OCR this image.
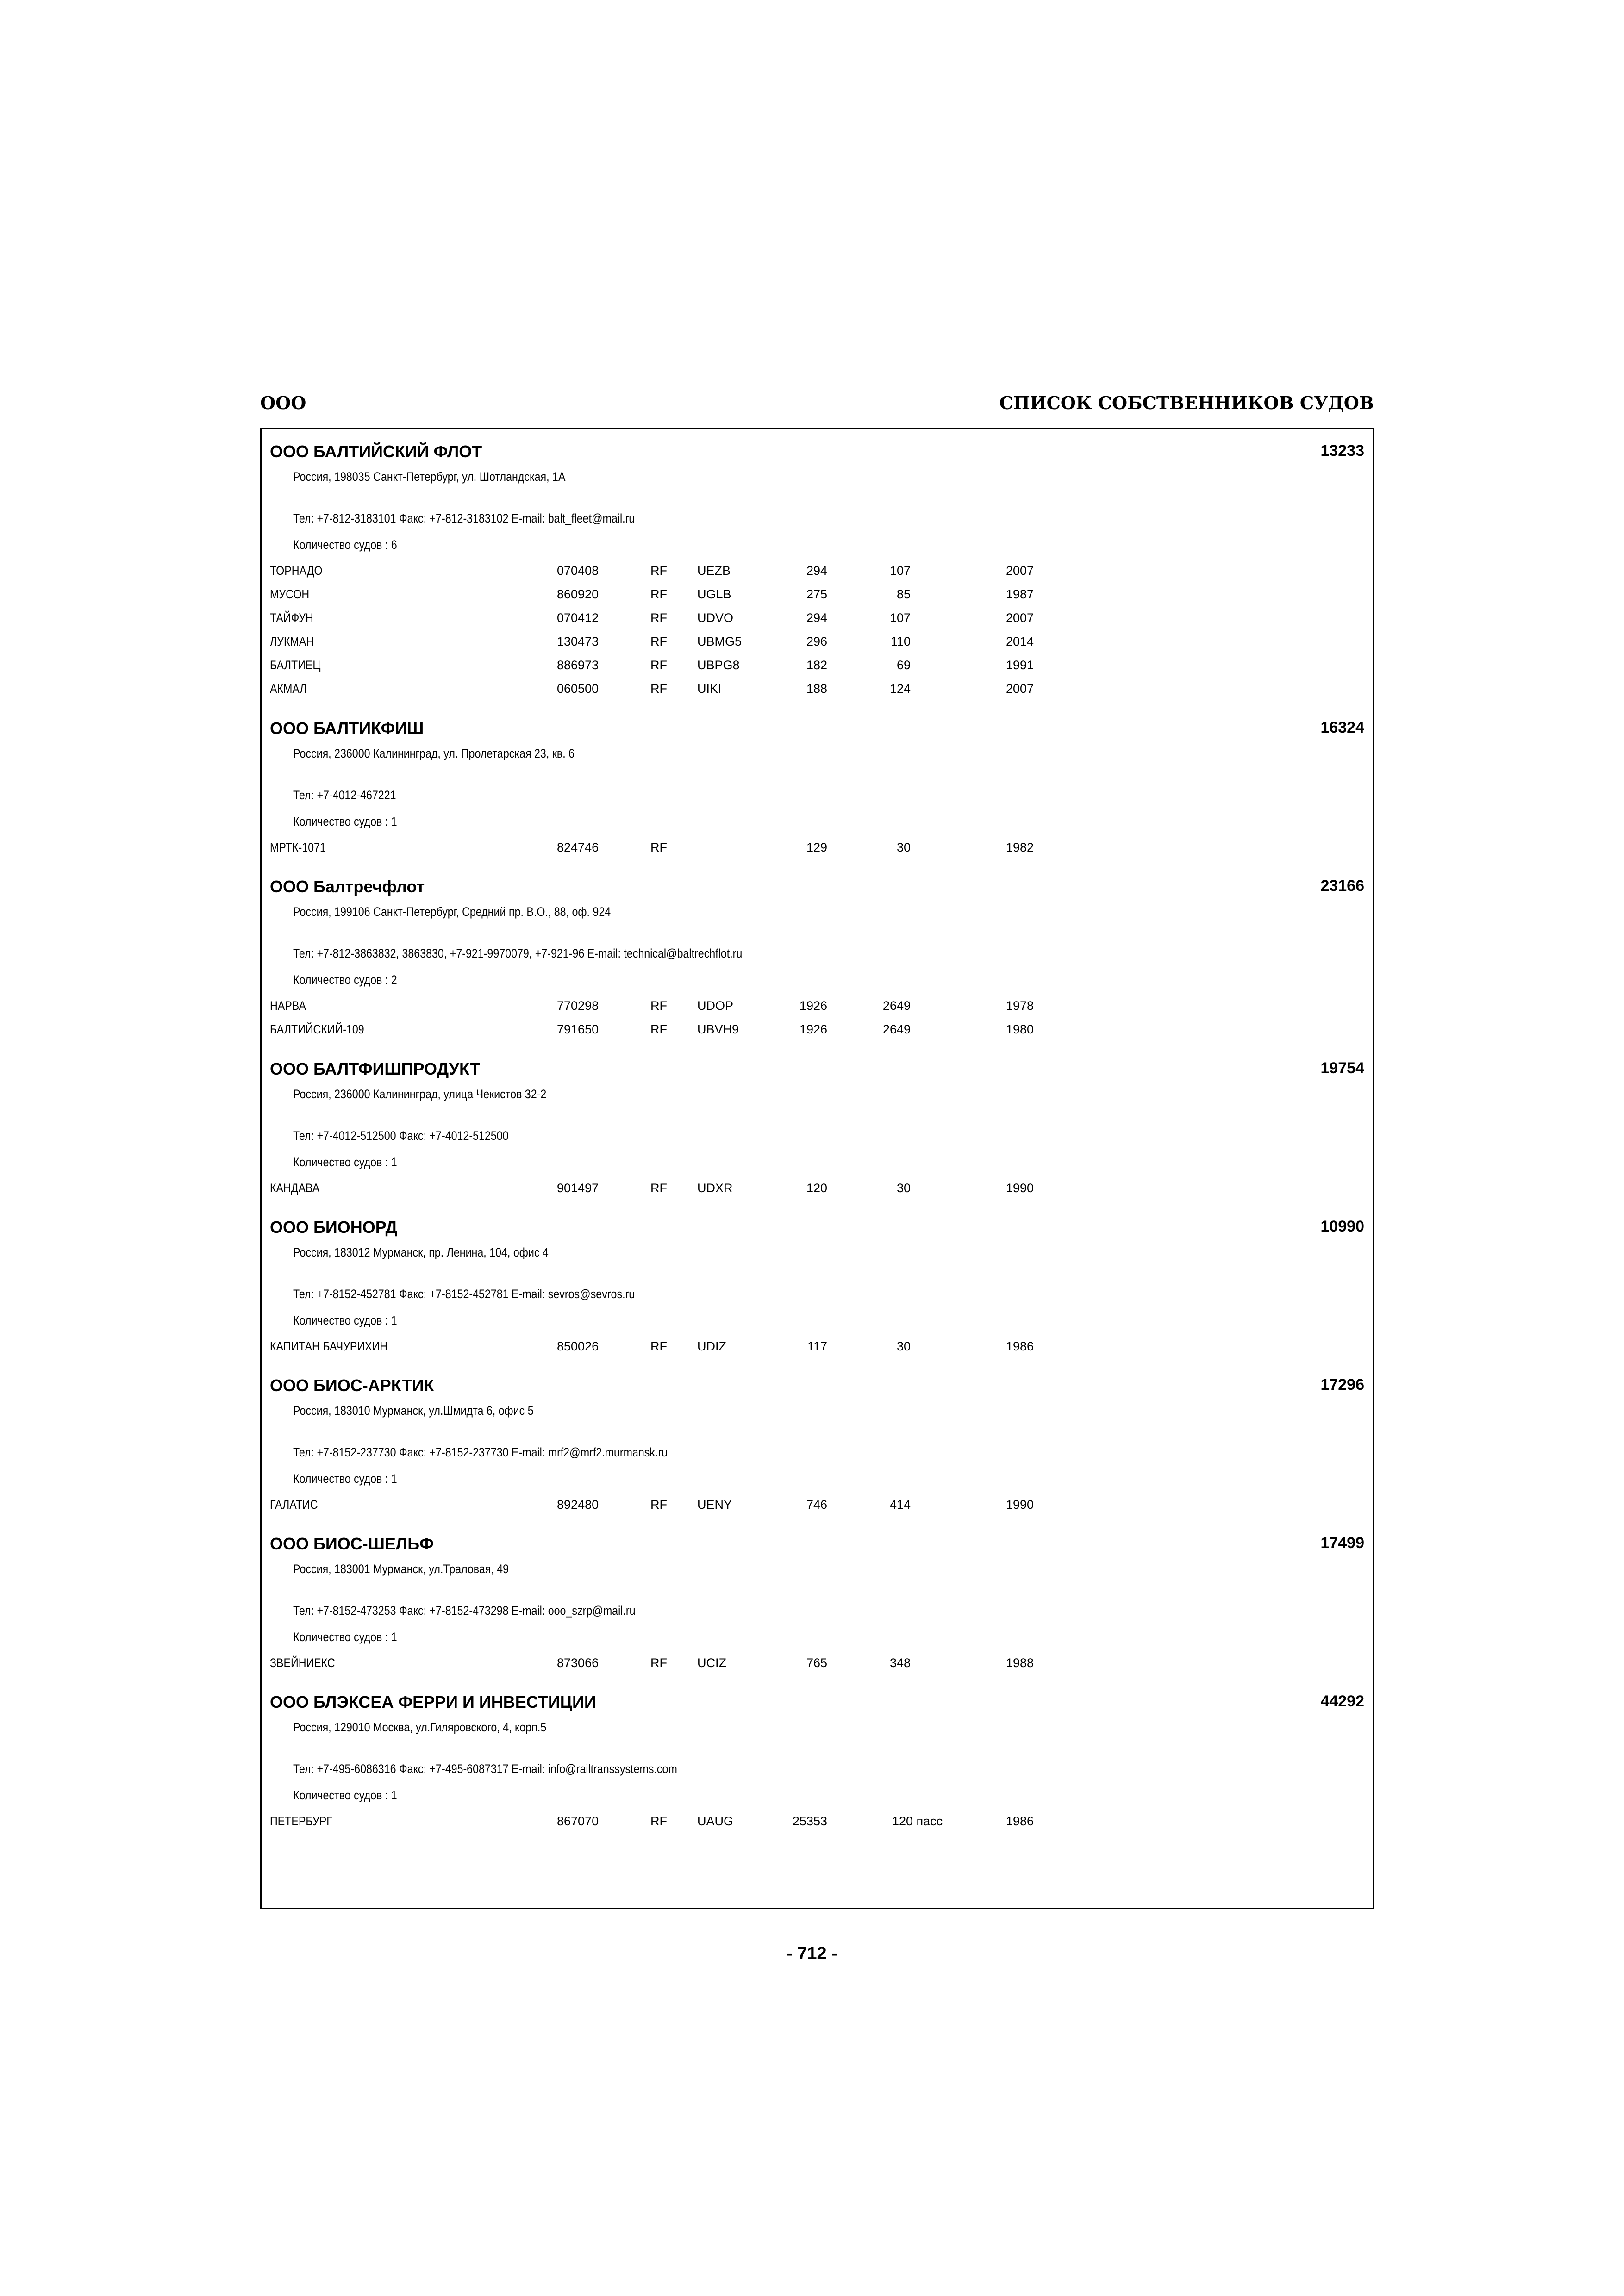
ООО	СПИСОК СОБСТВЕННИКОВ СУДОВ
ООО БАЛТИЙСКИЙ ФЛОТ	13233
Россия, 198035 Санкт-Петербург, ул. Шотландская, 1А
Тел: +7-812-3183101 Факс: +7-812-3183102 E-mail: balt_fleet@mail.ru
Количество судов : 6
ТОРНАДО	070408	RF UEZB	294	107	2007
МУСОН	860920	RF UGLB	275	85	1987
ТАЙФУН	070412	RF UDVO	294	107	2007
ЛУКМАН	130473	RF UBMG5	296	110	2014
БАЛТИЕЦ	886973	RF UBPG8	182	69	1991
АКМАЛ	060500	RF UIKI	188	124	2007
ООО БАЛТИКФИШ	16324
Россия, 236000 Калининград, ул. Пролетарская 23, кв. 6
Тел: +7-4012-467221
Количество судов : 1
МРТК-1071	824746	RF	129	30	1982
ООО Балтречфлот	23166
Россия, 199106 Санкт-Петербург, Средний пр. В.О., 88, оф. 924
Тел: +7-812-3863832, 3863830, +7-921-9970079, +7-921-96 E-mail: technical@baltrechflot.ru
Количество судов : 2
НАРВА	770298	RF UDOP	1926	2649	1978
БАЛТИЙСКИЙ-109	791650	RF UBVH9	1926	2649	1980
ООО БАЛТФИШПРОДУКТ	19754
Россия, 236000 Калининград, улица Чекистов 32-2
Тел: +7-4012-512500 Факс: +7-4012-512500
Количество судов : 1
КАНДАВА	901497	RF UDXR	120	30	1990
ООО БИОНОРД	10990
Россия, 183012 Мурманск, пр. Ленина, 104, офис 4
Тел: +7-8152-452781 Факс: +7-8152-452781 E-mail: sevros@sevros.ru
Количество судов : 1
КАПИТАН БАЧУРИХИН	850026	RF UDIZ	117	30	1986
ООО БИОС-АРКТИК	17296
Россия, 183010 Мурманск, ул.Шмидта 6, офис 5
Тел: +7-8152-237730 Факс: +7-8152-237730 E-mail: mrf2@mrf2.murmansk.ru
Количество судов : 1
ГАЛАТИС	892480	RF UENY	746	414	1990
ООО БИОС-ШЕЛЬФ	17499
Россия, 183001 Мурманск, ул.Траловая, 49
Тел: +7-8152-473253 Факс: +7-8152-473298 E-mail: ooo_szrp@mail.ru
Количество судов : 1
ЗВЕЙНИЕКС	873066	RF UCIZ	765	348	1988
ООО БЛЭКСЕА ФЕРРИ И ИНВЕСТИЦИИ	44292
Россия, 129010 Москва, ул.Гиляровского, 4, корп.5
Тел: +7-495-6086316 Факс: +7-495-6087317 E-mail: info@railtranssystems.com
Количество судов : 1
ПЕТЕРБУРГ	867070	RF UAUG	25353	120 пасс	1986
- 712 -
